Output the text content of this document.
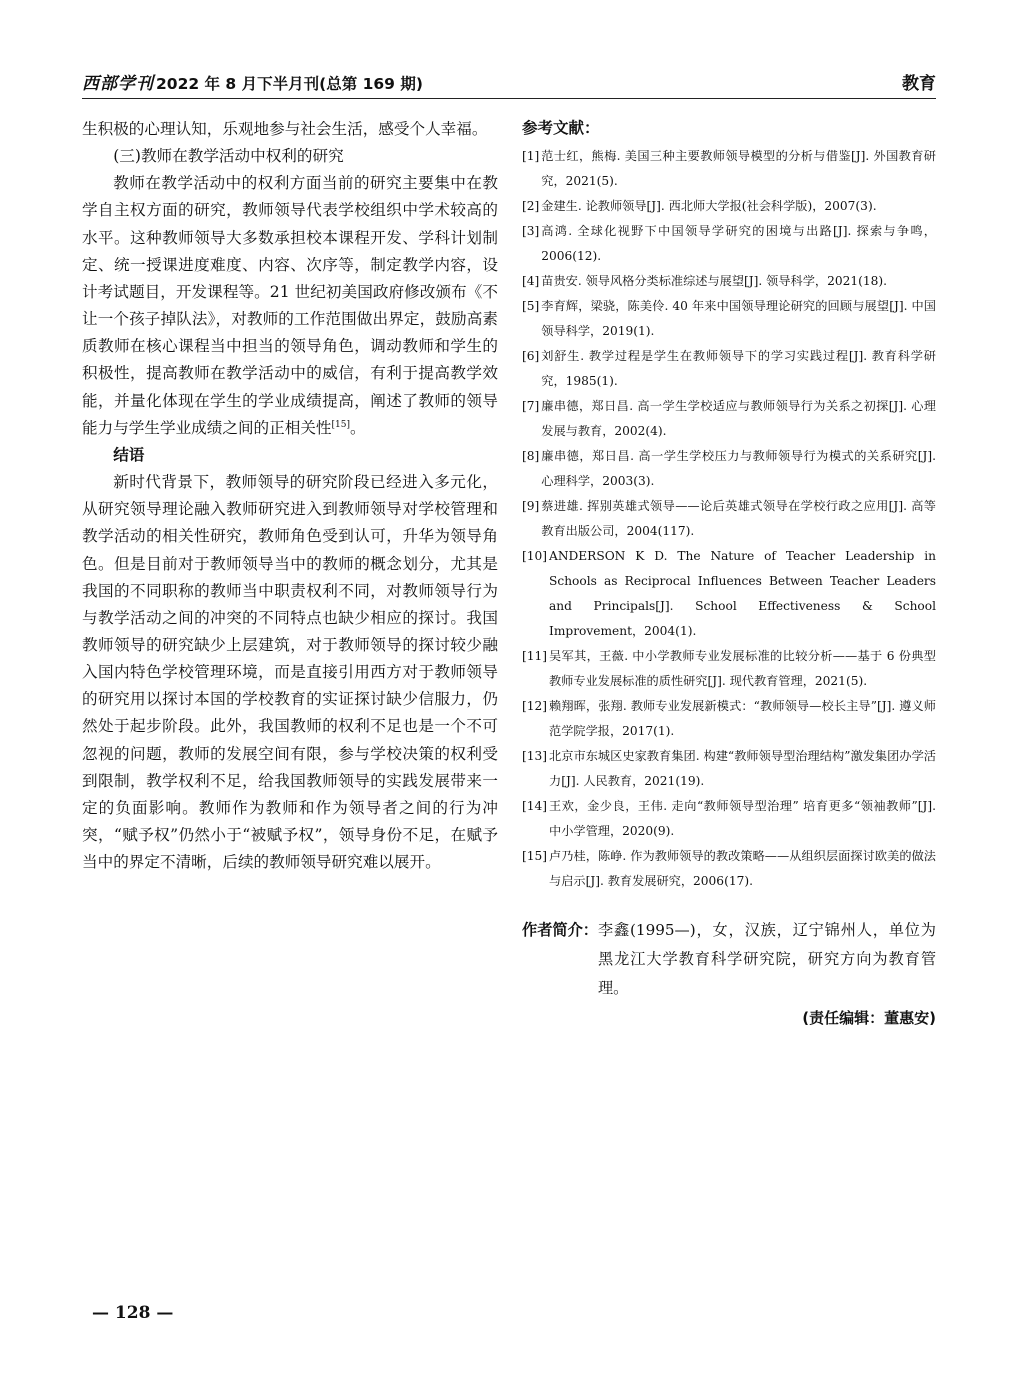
西部学刊 2022 年 8 月下半月刊(总第 169 期)	教育

生积极的心理认知，乐观地参与社会生活，感受个人幸福。

(三)教师在教学活动中权利的研究

教师在教学活动中的权利方面当前的研究主要集中在教学自主权方面的研究，教师领导代表学校组织中学术较高的水平。这种教师领导大多数承担校本课程开发、学科计划制定、统一授课进度难度、内容、次序等，制定教学内容，设计考试题目，开发课程等。21 世纪初美国政府修改颁布《不让一个孩子掉队法》，对教师的工作范围做出界定，鼓励高素质教师在核心课程当中担当的领导角色，调动教师和学生的积极性，提高教师在教学活动中的威信，有利于提高教学效能，并量化体现在学生的学业成绩提高，阐述了教师的领导能力与学生学业成绩之间的正相关性[15]。

结语

新时代背景下，教师领导的研究阶段已经进入多元化，从研究领导理论融入教师研究进入到教师领导对学校管理和教学活动的相关性研究，教师角色受到认可，升华为领导角色。但是目前对于教师领导当中的教师的概念划分，尤其是我国的不同职称的教师当中职责权利不同，对教师领导行为与教学活动之间的冲突的不同特点也缺少相应的探讨。我国教师领导的研究缺少上层建筑，对于教师领导的探讨较少融入国内特色学校管理环境，而是直接引用西方对于教师领导的研究用以探讨本国的学校教育的实证探讨缺少信服力，仍然处于起步阶段。此外，我国教师的权利不足也是一个不可忽视的问题，教师的发展空间有限，参与学校决策的权利受到限制，教学权利不足，给我国教师领导的实践发展带来一定的负面影响。教师作为教师和作为领导者之间的行为冲突，“赋予权”仍然小于“被赋予权”，领导身份不足，在赋予当中的界定不清晰，后续的教师领导研究难以展开。

参考文献：
[1] 范士红，熊梅. 美国三种主要教师领导模型的分析与借鉴[J]. 外国教育研究，2021(5).
[2] 金建生. 论教师领导[J]. 西北师大学报(社会科学版)，2007(3).
[3] 高鸿. 全球化视野下中国领导学研究的困境与出路[J]. 探索与争鸣，2006(12).
[4] 苗贵安. 领导风格分类标准综述与展望[J]. 领导科学，2021(18).
[5] 李育辉，梁骁，陈美伶. 40 年来中国领导理论研究的回顾与展望[J]. 中国领导科学，2019(1).
[6] 刘舒生. 教学过程是学生在教师领导下的学习实践过程[J]. 教育科学研究，1985(1).
[7] 廉串德，郑日昌. 高一学生学校适应与教师领导行为关系之初探[J]. 心理发展与教育，2002(4).
[8] 廉串德，郑日昌. 高一学生学校压力与教师领导行为模式的关系研究[J]. 心理科学，2003(3).
[9] 蔡进雄. 挥别英雄式领导——论后英雄式领导在学校行政之应用[J]. 高等教育出版公司，2004(117).
[10] ANDERSON K D. The Nature of Teacher Leadership in Schools as Reciprocal Influences Between Teacher Leaders and Principals[J]. School Effectiveness & School Improvement，2004(1).
[11] 吴军其，王薇. 中小学教师专业发展标准的比较分析——基于 6 份典型教师专业发展标准的质性研究[J]. 现代教育管理，2021(5).
[12] 赖翔晖，张翔. 教师专业发展新模式：“教师领导—校长主导”[J]. 遵义师范学院学报，2017(1).
[13] 北京市东城区史家教育集团. 构建“教师领导型治理结构”激发集团办学活力[J]. 人民教育，2021(19).
[14] 王欢，金少良，王伟. 走向“教师领导型治理” 培育更多“领袖教师”[J]. 中小学管理，2020(9).
[15] 卢乃桂，陈峥. 作为教师领导的教改策略——从组织层面探讨欧美的做法与启示[J]. 教育发展研究，2006(17).
作者简介： 李鑫(1995—)，女，汉族，辽宁锦州人，单位为黑龙江大学教育科学研究院，研究方向为教育管理。
(责任编辑：董惠安)
— 128 —
